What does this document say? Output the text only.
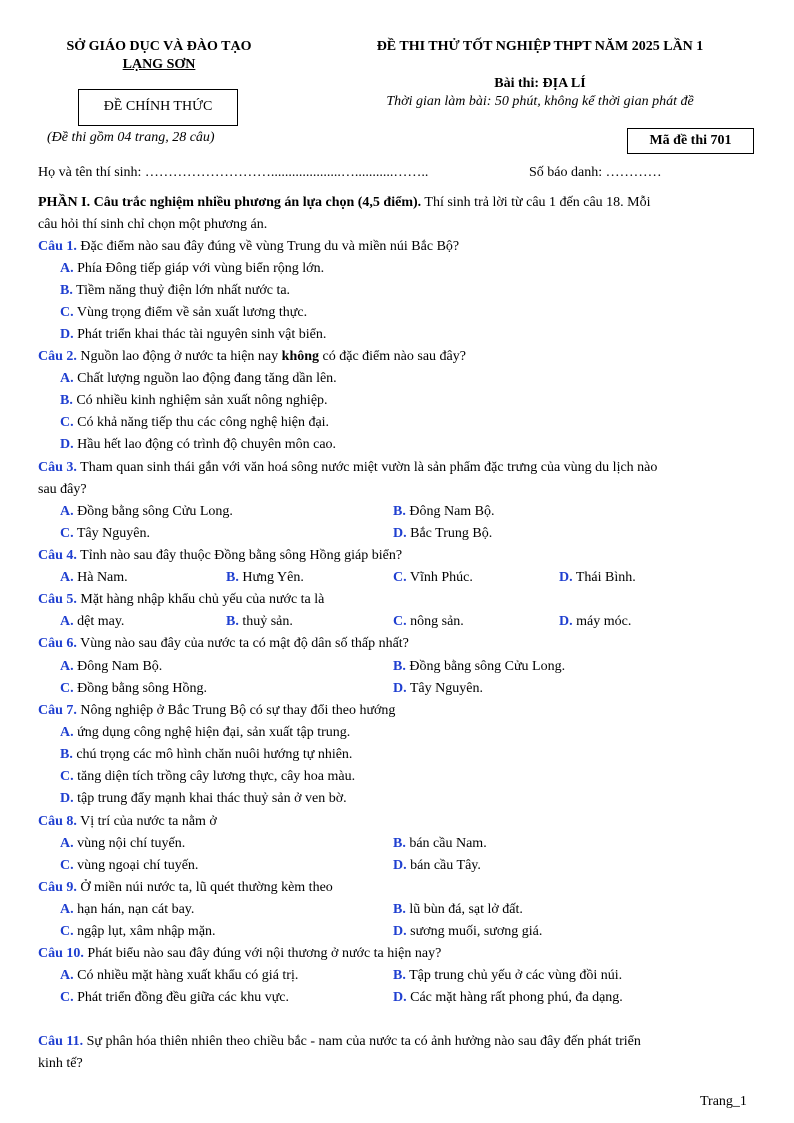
SỞ GIÁO DỤC VÀ ĐÀO TẠO
LẠNG SƠN
ĐỀ CHÍNH THỨC
(Đề thi gồm 04 trang, 28 câu)
ĐỀ THI THỬ TỐT NGHIỆP THPT NĂM 2025 LẦN 1
Bài thi: ĐỊA LÍ
Thời gian làm bài: 50 phút, không kể thời gian phát đề
Mã đề thi 701
Họ và tên thí sinh: ………………………....................…...........……..	Số báo danh: …………
PHẦN I. Câu trắc nghiệm nhiều phương án lựa chọn (4,5 điểm). Thí sinh trả lời từ câu 1 đến câu 18. Mỗi
câu hỏi thí sinh chỉ chọn một phương án.
Câu 1. Đặc điểm nào sau đây đúng về vùng Trung du và miền núi Bắc Bộ?
A. Phía Đông tiếp giáp với vùng biển rộng lớn.
B. Tiềm năng thuỷ điện lớn nhất nước ta.
C. Vùng trọng điểm về sản xuất lương thực.
D. Phát triển khai thác tài nguyên sinh vật biển.
Câu 2. Nguồn lao động ở nước ta hiện nay không có đặc điểm nào sau đây?
A. Chất lượng nguồn lao động đang tăng dần lên.
B. Có nhiều kinh nghiệm sản xuất nông nghiệp.
C. Có khả năng tiếp thu các công nghệ hiện đại.
D. Hầu hết lao động có trình độ chuyên môn cao.
Câu 3. Tham quan sinh thái gắn với văn hoá sông nước miệt vườn là sản phẩm đặc trưng của vùng du lịch nào
sau đây?
A. Đồng bằng sông Cửu Long.	B. Đông Nam Bộ.
C. Tây Nguyên.	D. Bắc Trung Bộ.
Câu 4. Tỉnh nào sau đây thuộc Đồng bằng sông Hồng giáp biển?
A. Hà Nam.	B. Hưng Yên.	C. Vĩnh Phúc.	D. Thái Bình.
Câu 5. Mặt hàng nhập khẩu chủ yếu của nước ta là
A. dệt may.	B. thuỷ sản.	C. nông sản.	D. máy móc.
Câu 6. Vùng nào sau đây của nước ta có mật độ dân số thấp nhất?
A. Đông Nam Bộ.	B. Đồng bằng sông Cửu Long.
C. Đồng bằng sông Hồng.	D. Tây Nguyên.
Câu 7. Nông nghiệp ở Bắc Trung Bộ có sự thay đổi theo hướng
A. ứng dụng công nghệ hiện đại, sản xuất tập trung.
B. chú trọng các mô hình chăn nuôi hướng tự nhiên.
C. tăng diện tích trồng cây lương thực, cây hoa màu.
D. tập trung đẩy mạnh khai thác thuỷ sản ở ven bờ.
Câu 8. Vị trí của nước ta nằm ở
A. vùng nội chí tuyến.	B. bán cầu Nam.
C. vùng ngoại chí tuyến.	D. bán cầu Tây.
Câu 9. Ở miền núi nước ta, lũ quét thường kèm theo
A. hạn hán, nạn cát bay.	B. lũ bùn đá, sạt lở đất.
C. ngập lụt, xâm nhập mặn.	D. sương muối, sương giá.
Câu 10. Phát biểu nào sau đây đúng với nội thương ở nước ta hiện nay?
A. Có nhiều mặt hàng xuất khẩu có giá trị.	B. Tập trung chủ yếu ở các vùng đồi núi.
C. Phát triển đồng đều giữa các khu vực.	D. Các mặt hàng rất phong phú, đa dạng.
Câu 11. Sự phân hóa thiên nhiên theo chiều bắc - nam của nước ta có ảnh hưởng nào sau đây đến phát triển
kinh tế?
Trang_1
